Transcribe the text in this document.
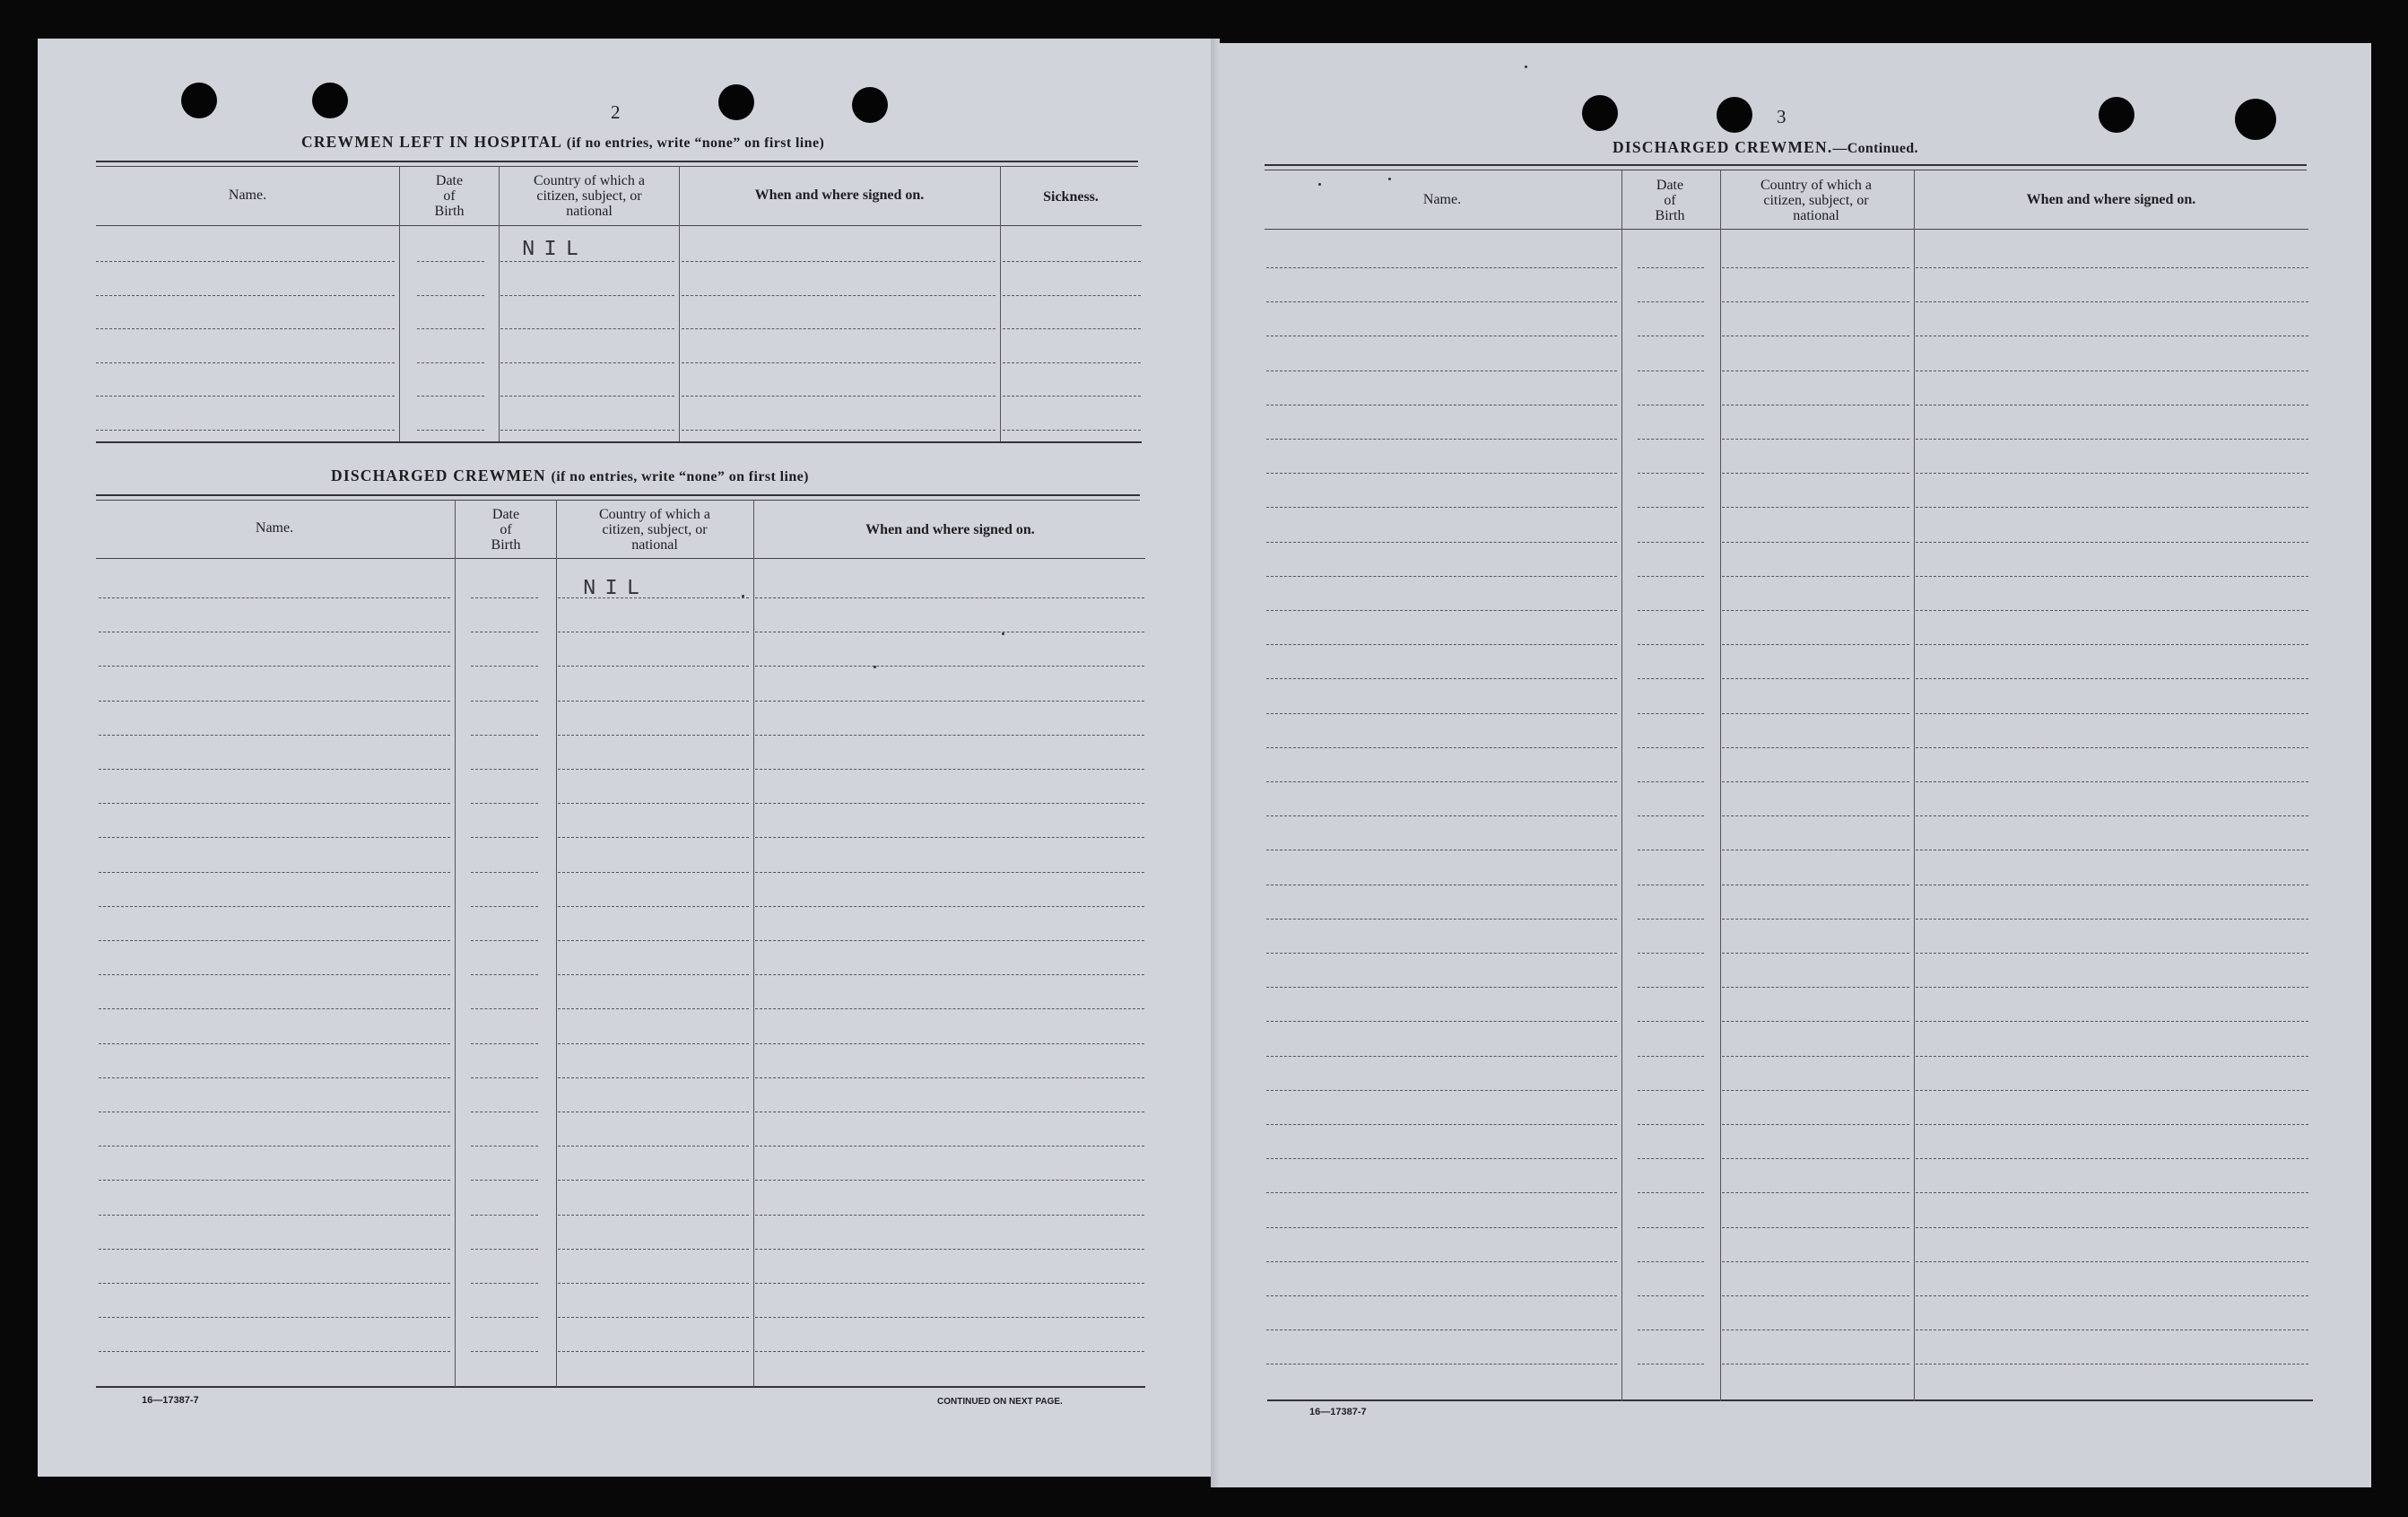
2
CREWMEN LEFT IN HOSPITAL (if no entries, write “none” on first line)
Name.
Date
of
Birth
Country of which a
citizen, subject, or
national
When and where signed on.	Sickness.
NIL
DISCHARGED CREWMEN (if no entries, write “none” on first line)
Name.
Date
of
Birth
Country of which a
citizen, subject, or
national
When and where signed on.
NIL
16—17387-7	CONTINUED ON NEXT PAGE.
3
DISCHARGED CREWMEN.—Continued.
Name.
Date
of
Birth
Country of which a
citizen, subject, or
national
When and where signed on.
16—17387-7
